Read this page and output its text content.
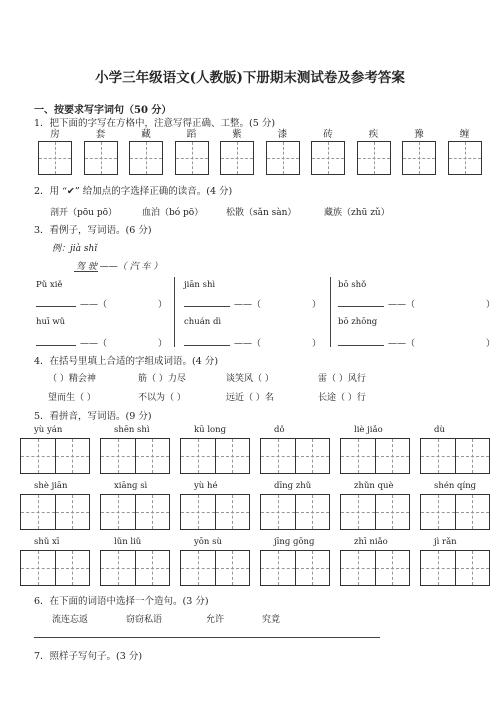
小学三年级语文(人教版)下册期末测试卷及参考答案
一、按要求写字词句（50 分）
1．把下面的字写在方格中，注意写得正确、工整。(5 分)
房	套	藏	蹈	紫	漆	砖	疾	豫	缠
2．用 “✔” 给加点的字选择正确的读音。(4 分)
剖开（pōu pō）	血泊（bó pō）	松散（sǎn sàn）	藏族（zhū zǔ）
3．看例子，写词语。(6 分)
例：jià shǐ
驾 驶 ——（ 汽 车 ）
Pǔ xiě	jiān shì	bō shǒ
——（	）	——（	）	——（	）
huī wǔ	chuán dì	bō zhōng
——（	）	——（	）	——（	）
4．在括号里填上合适的字组成词语。(4 分)
（ ）精会神	筋（ ）力尽	谈笑风（ ）	雷（ ）风行
望而生（ ）	不以为（ ）	远近（ ）名	长途（ ）行
5．看拼音，写词语。(9 分)
yù yán	shēn shì	kū lonɡ	dǒ	liè jiǎo	dù
shè jiān	xiānɡ sì	yù hé	dīnɡ zhǔ	zhǔn què	shén qínɡ
shǔ xī	lǔn liǔ	yōn sù	jīnɡ ɡōnɡ	zhī niǎo	jì rǎn
6．在下面的词语中选择一个造句。(3 分)
流连忘返	窃窃私语	允许	究竟
7．照样子写句子。(3 分)
